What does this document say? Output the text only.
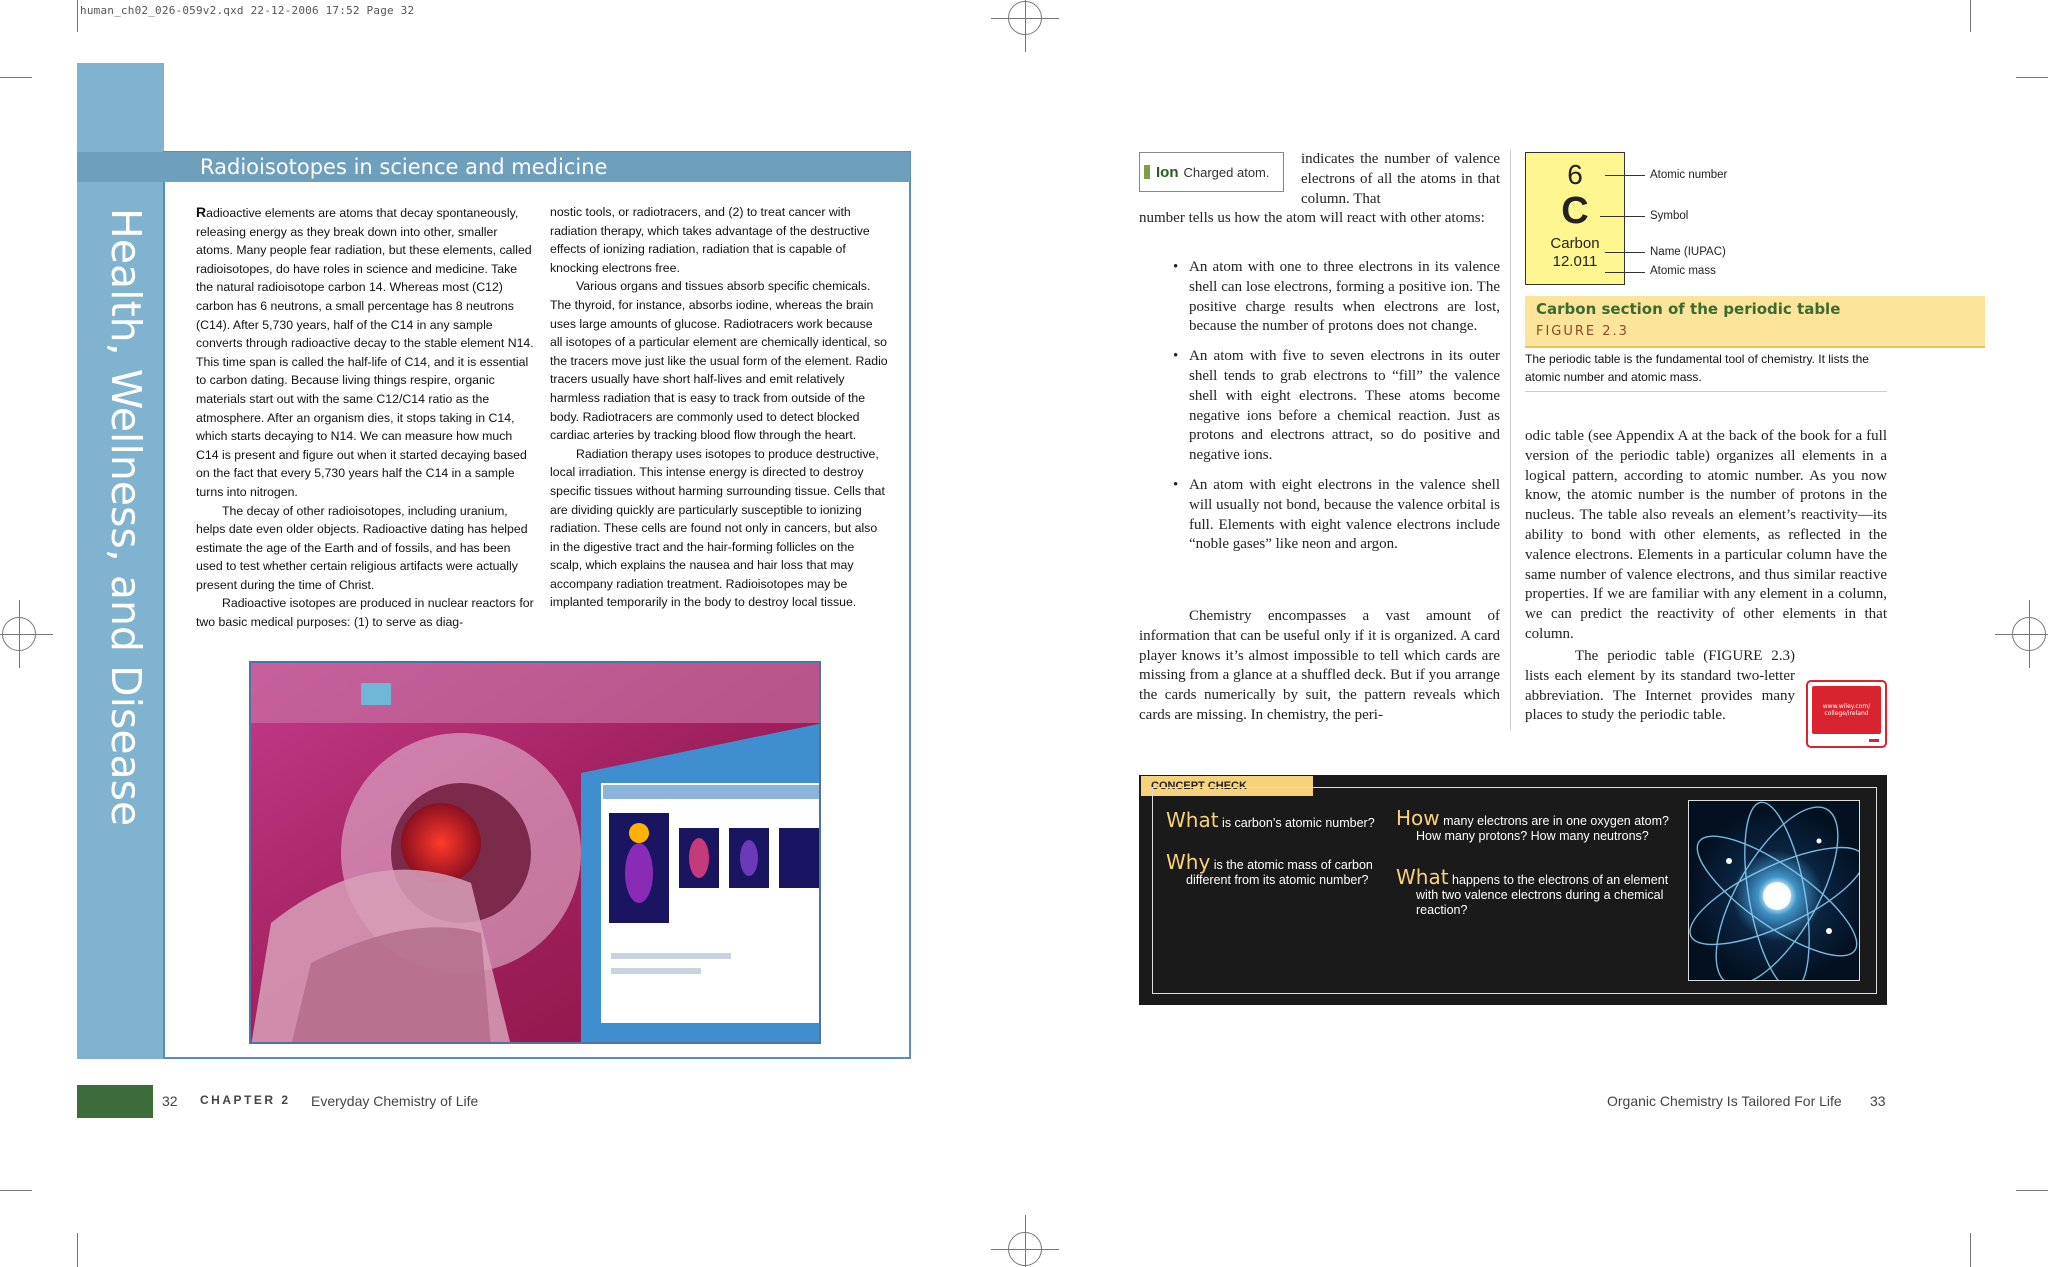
human_ch02_026-059v2.qxd 22-12-2006 17:52 Page 32
Health, Wellness, and Disease
Radioisotopes in science and medicine

Radioactive elements are atoms that decay spontaneously, releasing energy as they break down into other, smaller atoms. Many people fear radiation, but these elements, called radioisotopes, do have roles in science and medicine. Take the natural radioisotope carbon 14. Whereas most (C12) carbon has 6 neutrons, a small percentage has 8 neutrons (C14). After 5,730 years, half of the C14 in any sample converts through radioactive decay to the stable element N14. This time span is called the half-life of C14, and it is essential to carbon dating. Because living things respire, organic materials start out with the same C12/C14 ratio as the atmosphere. After an organism dies, it stops taking in C14, which starts decaying to N14. We can measure how much C14 is present and figure out when it started decaying based on the fact that every 5,730 years half the C14 in a sample turns into nitrogen.

The decay of other radioisotopes, including uranium, helps date even older objects. Radioactive dating has helped estimate the age of the Earth and of fossils, and has been used to test whether certain religious artifacts were actually present during the time of Christ.

Radioactive isotopes are produced in nuclear reactors for two basic medical purposes: (1) to serve as diag-

nostic tools, or radiotracers, and (2) to treat cancer with radiation therapy, which takes advantage of the destructive effects of ionizing radiation, radiation that is capable of knocking electrons free.

Various organs and tissues absorb specific chemicals. The thyroid, for instance, absorbs iodine, whereas the brain uses large amounts of glucose. Radiotracers work because all isotopes of a particular element are chemically identical, so the tracers move just like the usual form of the element. Radio tracers usually have short half-lives and emit relatively harmless radiation that is easy to track from outside of the body. Radiotracers are commonly used to detect blocked cardiac arteries by tracking blood flow through the heart.

Radiation therapy uses isotopes to produce destructive, local irradiation. This intense energy is directed to destroy specific tissues without harming surrounding tissue. Cells that are dividing quickly are particularly susceptible to ionizing radiation. These cells are found not only in cancers, but also in the digestive tract and the hair-forming follicles on the scalp, which explains the nausea and hair loss that may accompany radiation treatment. Radioisotopes may be implanted temporarily in the body to destroy local tissue.

32 CHAPTER 2 Everyday Chemistry of Life
Ion Charged atom.
indicates the number of valence electrons of all the atoms in that column. That
number tells us how the atom will react with other atoms:
• An atom with one to three electrons in its valence shell can lose electrons, forming a positive ion. The positive charge results when electrons are lost, because the number of protons does not change.
• An atom with five to seven electrons in its outer shell tends to grab electrons to “fill” the valence shell with eight electrons. These atoms become negative ions before a chemical reaction. Just as protons and electrons attract, so do positive and negative ions.
• An atom with eight electrons in the valence shell will usually not bond, because the valence orbital is full. Elements with eight valence electrons include “noble gases” like neon and argon.

Chemistry encompasses a vast amount of information that can be useful only if it is organized. A card player knows it’s almost impossible to tell which cards are missing from a glance at a shuffled deck. But if you arrange the cards numerically by suit, the pattern reveals which cards are missing. In chemistry, the peri-

6
C
Carbon
12.011
Atomic number
Symbol
Name (IUPAC)
Atomic mass
Carbon section of the periodic table
FIGURE 2.3
The periodic table is the fundamental tool of chemistry. It lists the atomic number and atomic mass.

odic table (see Appendix A at the back of the book for a full version of the periodic table) organizes all elements in a logical pattern, according to atomic number. As you now know, the atomic number is the number of protons in the nucleus. The table also reveals an element’s reactivity—its ability to bond with other elements, as reflected in the valence electrons. Elements in a particular column have the same number of valence electrons, and thus similar reactive properties. If we are familiar with any element in a column, we can predict the reactivity of other elements in that column.

The periodic table (FIGURE 2.3) lists each element by its standard two-letter abbreviation. The Internet provides many places to study the periodic table.

www.wiley.com/ college/ireland
CONCEPT CHECK
What is carbon’s atomic number?
Why is the atomic mass of carbon
different from its atomic number?
How many electrons are in one oxygen atom?
How many protons? How many neutrons?
What happens to the electrons of an element
with two valence electrons during a chemical
reaction?
Organic Chemistry Is Tailored For Life 33
